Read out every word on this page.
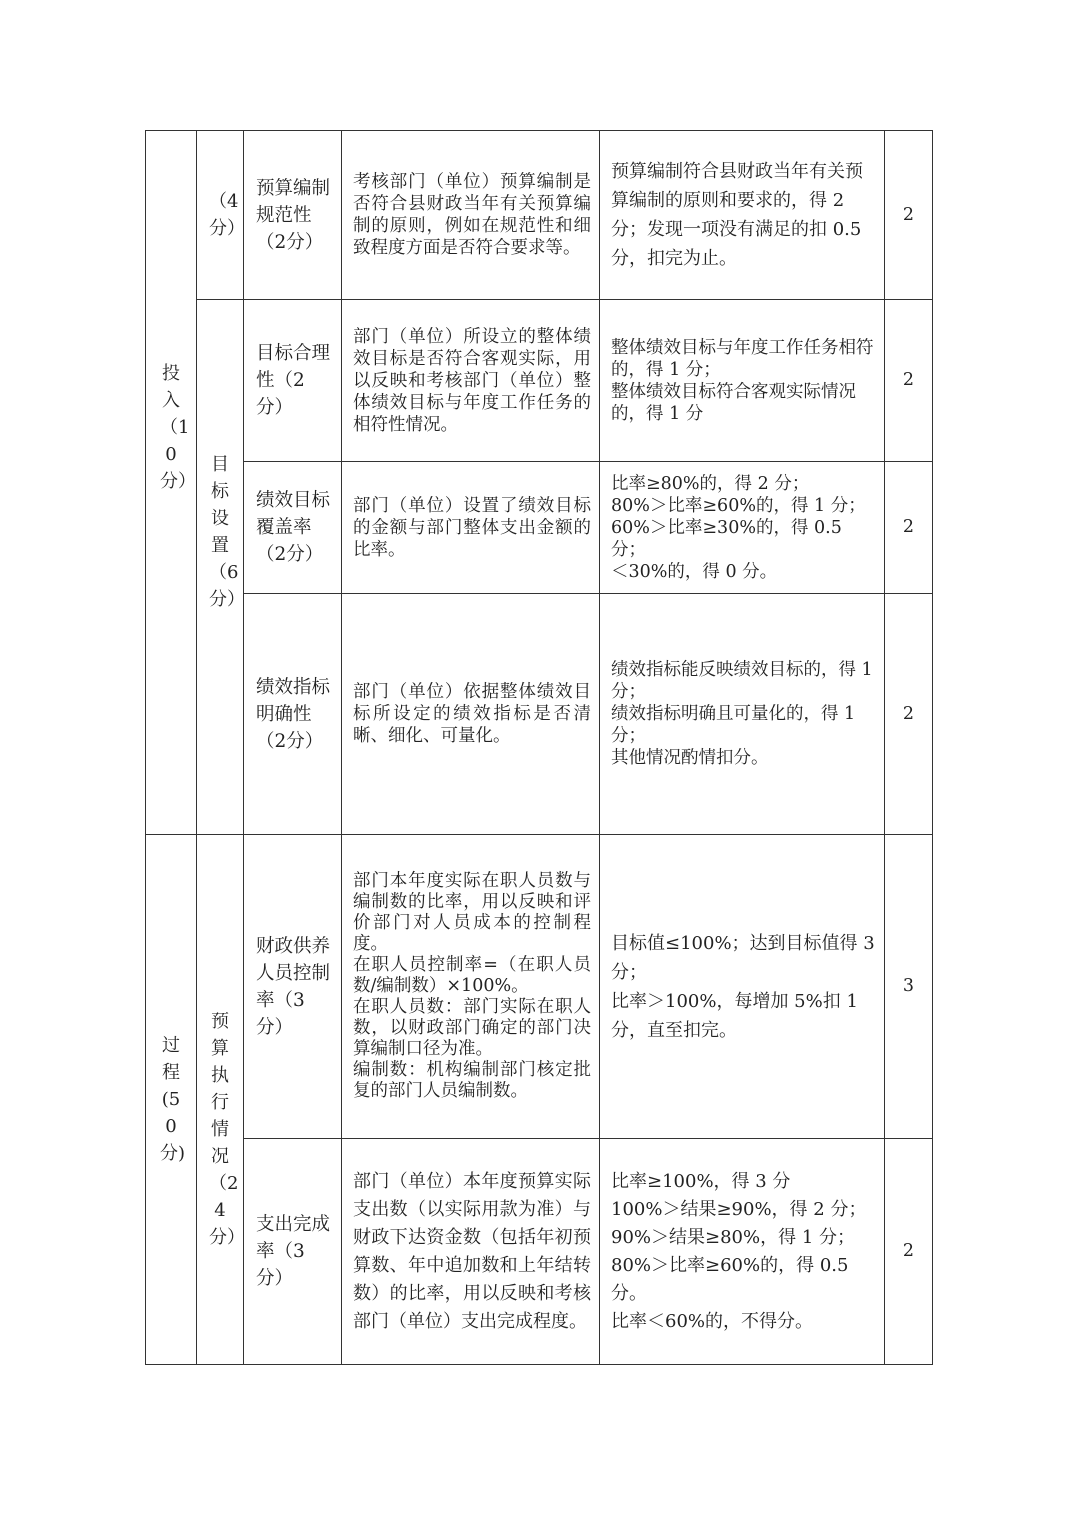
投入（10分）	（4分）	预算编制规范性（2分）	考核部门（单位）预算编制是否符合县财政当年有关预算编制的原则，例如在规范性和细致程度方面是否符合要求等。	预算编制符合县财政当年有关预算编制的原则和要求的，得 2 分；发现一项没有满足的扣 0.5 分，扣完为止。	2

	目标设置（6分）	目标合理性（2分）	部门（单位）所设立的整体绩效目标是否符合客观实际，用以反映和考核部门（单位）整体绩效目标与年度工作任务的相符性情况。	整体绩效目标与年度工作任务相符的，得 1 分；
整体绩效目标符合客观实际情况的，得 1 分	2

		绩效目标覆盖率（2分）	部门（单位）设置了绩效目标的金额与部门整体支出金额的比率。	比率≥80%的，得 2 分；
80%＞比率≥60%的，得 1 分；
60%＞比率≥30%的，得 0.5 分；
＜30%的，得 0 分。	2

		绩效指标明确性（2分）	部门（单位）依据整体绩效目标所设定的绩效指标是否清晰、细化、可量化。	绩效指标能反映绩效目标的，得 1 分；
绩效指标明确且可量化的，得 1 分；
其他情况酌情扣分。	2

过程(50分)	预算执行情况（24分）	财政供养人员控制率（3分）	部门本年度实际在职人员数与编制数的比率，用以反映和评价部门对人员成本的控制程度。
在职人员控制率=（在职人员数/编制数）×100%。
在职人员数：部门实际在职人数，以财政部门确定的部门决算编制口径为准。
编制数：机构编制部门核定批复的部门人员编制数。	目标值≤100%；达到目标值得 3 分；
比率＞100%，每增加 5%扣 1 分，直至扣完。	3

		支出完成率（3分）	部门（单位）本年度预算实际支出数（以实际用款为准）与财政下达资金数（包括年初预算数、年中追加数和上年结转数）的比率，用以反映和考核部门（单位）支出完成程度。	比率≥100%，得 3 分
100%＞结果≥90%，得 2 分；
90%＞结果≥80%，得 1 分；
80%＞比率≥60%的，得 0.5 分。
比率＜60%的，不得分。	2
